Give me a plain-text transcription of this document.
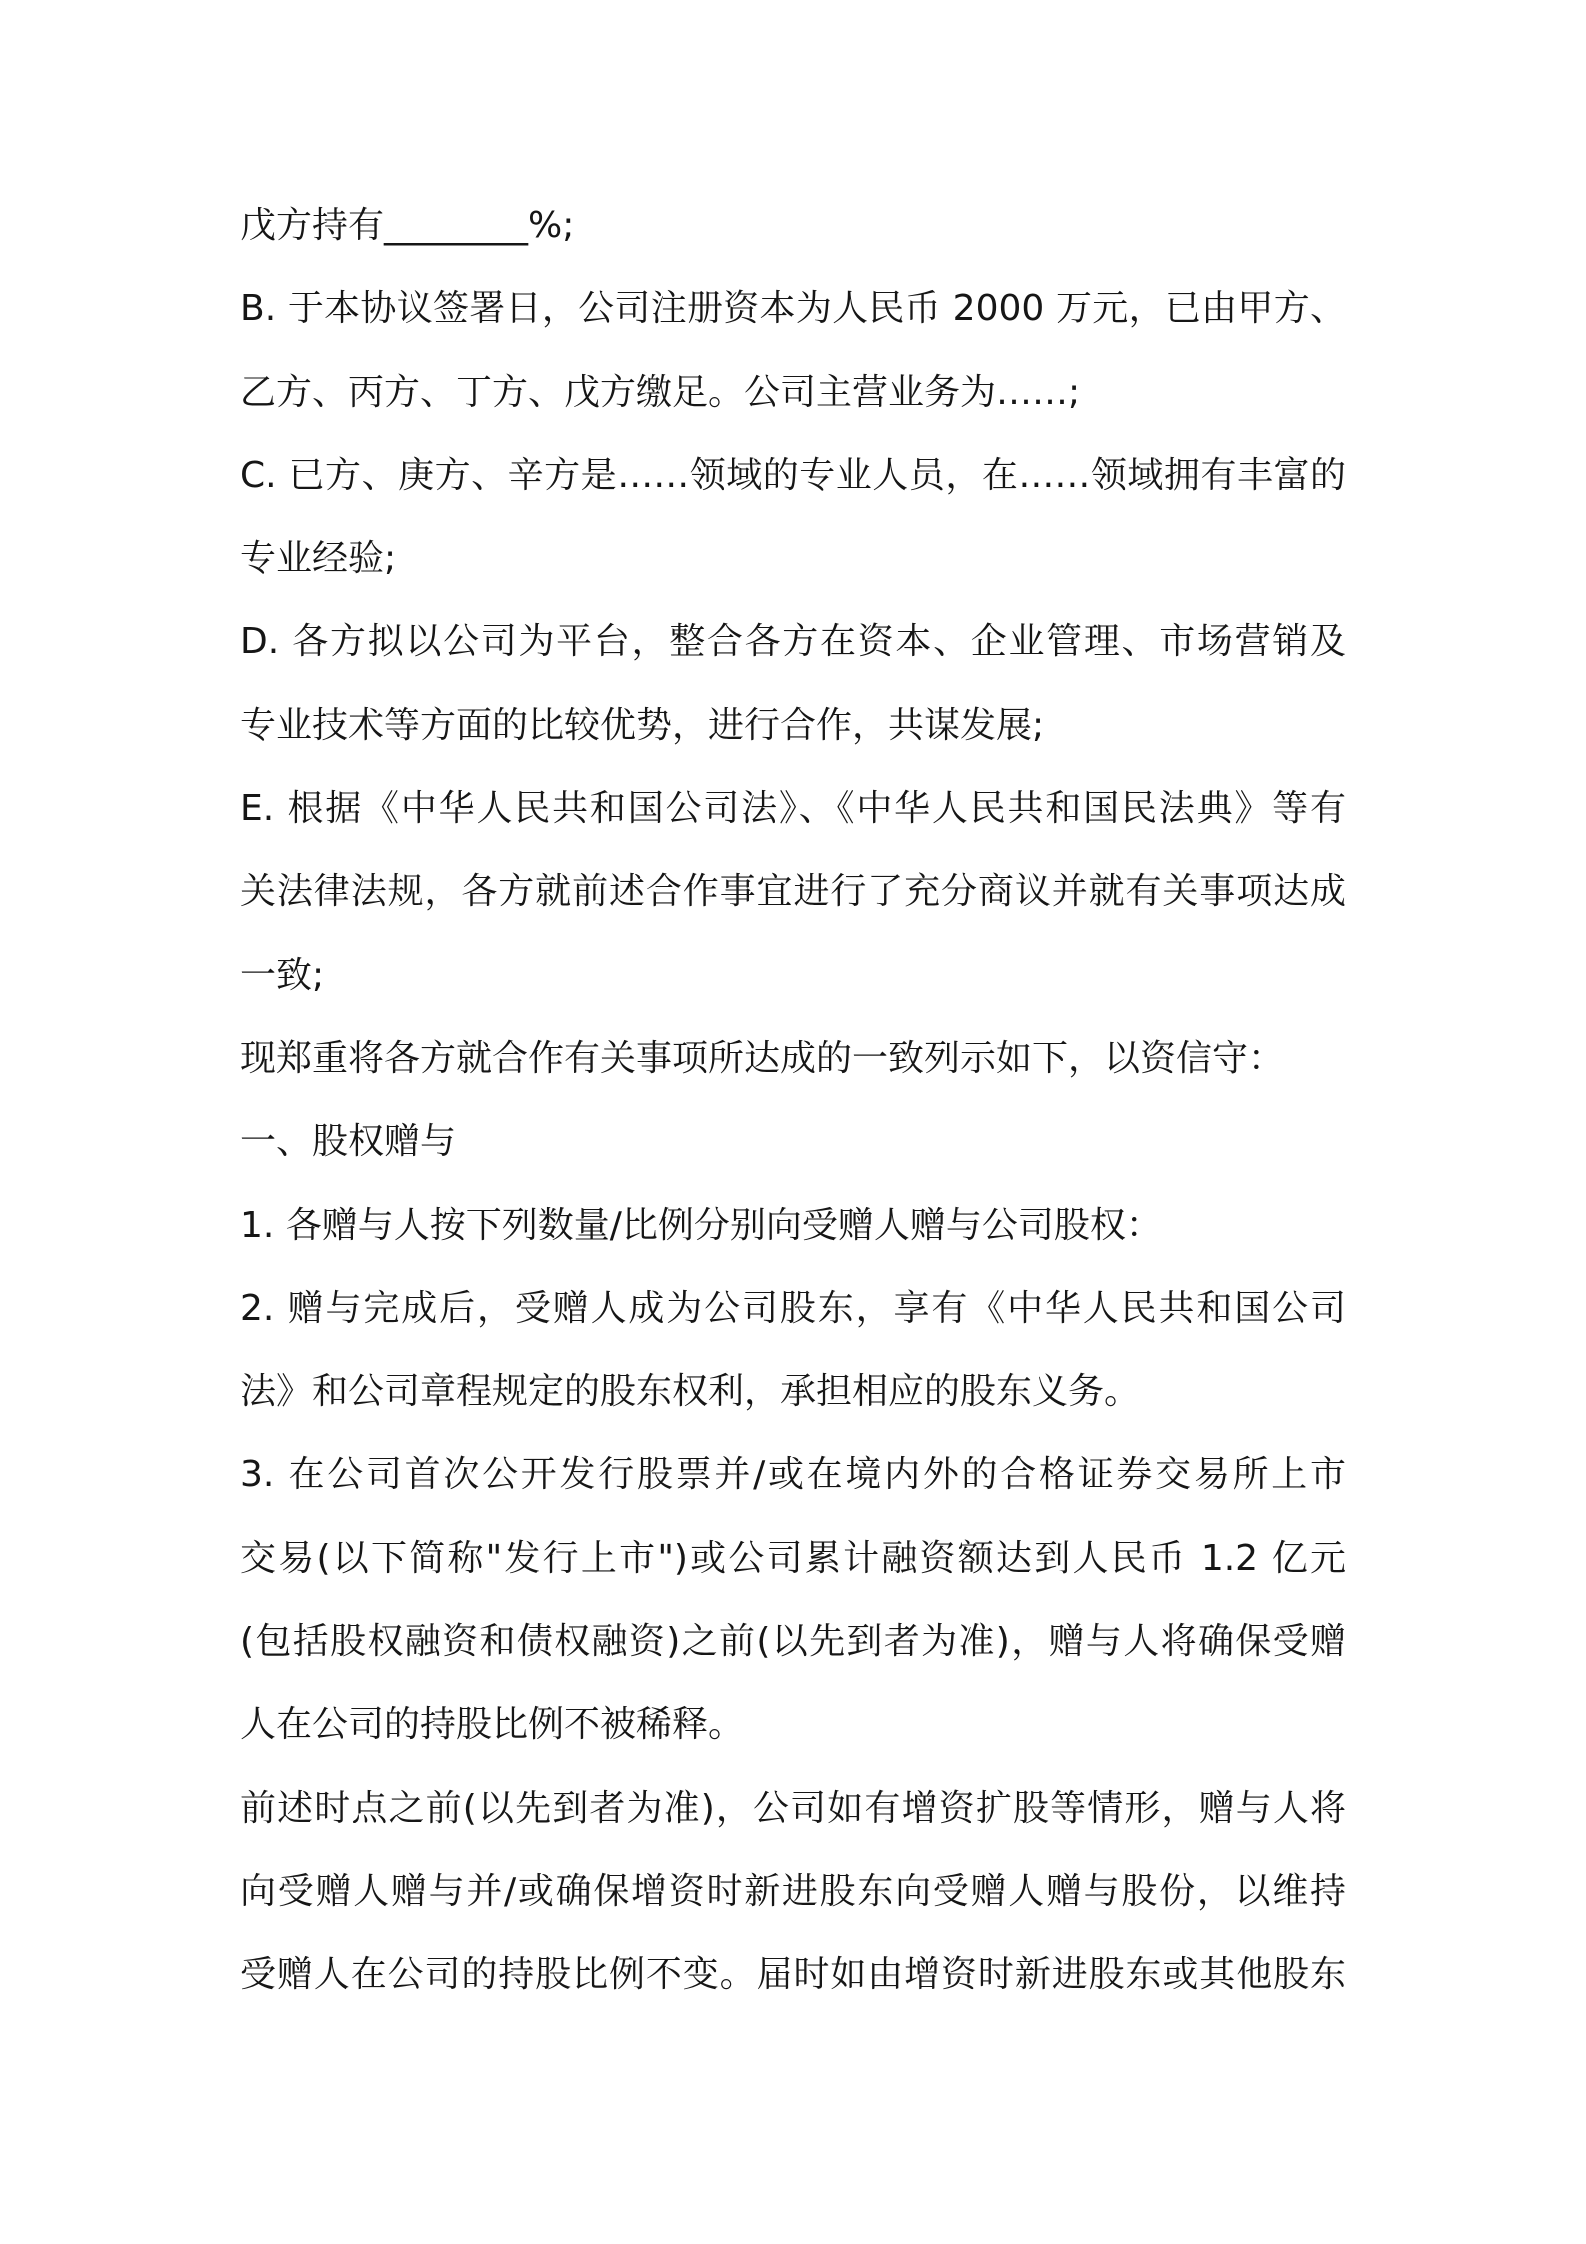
戊方持有________%;
B. 于本协议签署日，公司注册资本为人民币 2000 万元，已由甲方、
乙方、丙方、丁方、戊方缴足。公司主营业务为……;
C. 已方、庚方、辛方是……领域的专业人员，在……领域拥有丰富的
专业经验;
D. 各方拟以公司为平台，整合各方在资本、企业管理、市场营销及
专业技术等方面的比较优势，进行合作，共谋发展;
E. 根据《中华人民共和国公司法》、《中华人民共和国民法典》等有
关法律法规，各方就前述合作事宜进行了充分商议并就有关事项达成
一致;
现郑重将各方就合作有关事项所达成的一致列示如下，以资信守：
一、股权赠与
1. 各赠与人按下列数量/比例分别向受赠人赠与公司股权：
2. 赠与完成后，受赠人成为公司股东，享有《中华人民共和国公司
法》和公司章程规定的股东权利，承担相应的股东义务。
3. 在公司首次公开发行股票并/或在境内外的合格证券交易所上市
交易(以下简称"发行上市")或公司累计融资额达到人民币 1.2 亿元
(包括股权融资和债权融资)之前(以先到者为准)，赠与人将确保受赠
人在公司的持股比例不被稀释。
前述时点之前(以先到者为准)，公司如有增资扩股等情形，赠与人将
向受赠人赠与并/或确保增资时新进股东向受赠人赠与股份，以维持
受赠人在公司的持股比例不变。届时如由增资时新进股东或其他股东
